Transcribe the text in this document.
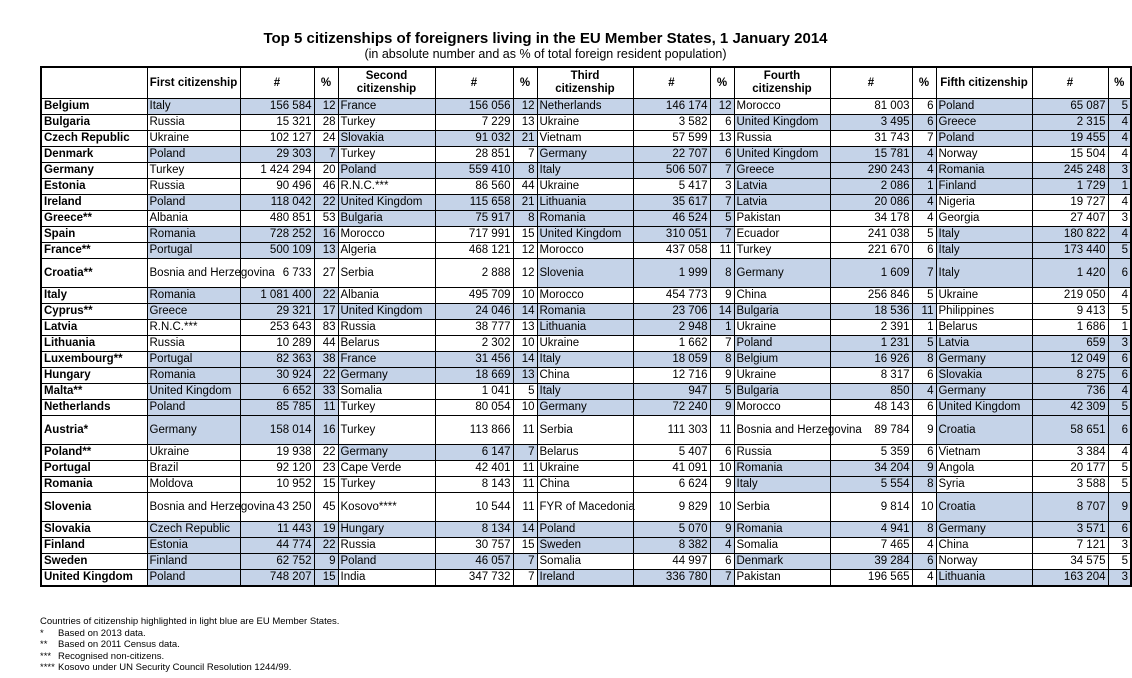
Top 5 citizenships of foreigners living in the EU Member States, 1 January 2014
(in absolute number and as % of total foreign resident population)
	First citizenship	#	%	Second citizenship	#	%	Third citizenship	#	%	Fourth citizenship	#	%	Fifth citizenship	#	%
Belgium	Italy	156 584	12	France	156 056	12	Netherlands	146 174	12	Morocco	81 003	6	Poland	65 087	5
Bulgaria	Russia	15 321	28	Turkey	7 229	13	Ukraine	3 582	6	United Kingdom	3 495	6	Greece	2 315	4
Czech Republic	Ukraine	102 127	24	Slovakia	91 032	21	Vietnam	57 599	13	Russia	31 743	7	Poland	19 455	4
Denmark	Poland	29 303	7	Turkey	28 851	7	Germany	22 707	6	United Kingdom	15 781	4	Norway	15 504	4
Germany	Turkey	1 424 294	20	Poland	559 410	8	Italy	506 507	7	Greece	290 243	4	Romania	245 248	3
Estonia	Russia	90 496	46	R.N.C.***	86 560	44	Ukraine	5 417	3	Latvia	2 086	1	Finland	1 729	1
Ireland	Poland	118 042	22	United Kingdom	115 658	21	Lithuania	35 617	7	Latvia	20 086	4	Nigeria	19 727	4
Greece**	Albania	480 851	53	Bulgaria	75 917	8	Romania	46 524	5	Pakistan	34 178	4	Georgia	27 407	3
Spain	Romania	728 252	16	Morocco	717 991	15	United Kingdom	310 051	7	Ecuador	241 038	5	Italy	180 822	4
France**	Portugal	500 109	13	Algeria	468 121	12	Morocco	437 058	11	Turkey	221 670	6	Italy	173 440	5
Croatia**	Bosnia and Herzegovina	6 733	27	Serbia	2 888	12	Slovenia	1 999	8	Germany	1 609	7	Italy	1 420	6
Italy	Romania	1 081 400	22	Albania	495 709	10	Morocco	454 773	9	China	256 846	5	Ukraine	219 050	4
Cyprus**	Greece	29 321	17	United Kingdom	24 046	14	Romania	23 706	14	Bulgaria	18 536	11	Philippines	9 413	5
Latvia	R.N.C.***	253 643	83	Russia	38 777	13	Lithuania	2 948	1	Ukraine	2 391	1	Belarus	1 686	1
Lithuania	Russia	10 289	44	Belarus	2 302	10	Ukraine	1 662	7	Poland	1 231	5	Latvia	659	3
Luxembourg**	Portugal	82 363	38	France	31 456	14	Italy	18 059	8	Belgium	16 926	8	Germany	12 049	6
Hungary	Romania	30 924	22	Germany	18 669	13	China	12 716	9	Ukraine	8 317	6	Slovakia	8 275	6
Malta**	United Kingdom	6 652	33	Somalia	1 041	5	Italy	947	5	Bulgaria	850	4	Germany	736	4
Netherlands	Poland	85 785	11	Turkey	80 054	10	Germany	72 240	9	Morocco	48 143	6	United Kingdom	42 309	5
Austria*	Germany	158 014	16	Turkey	113 866	11	Serbia	111 303	11	Bosnia and Herzegovina	89 784	9	Croatia	58 651	6
Poland**	Ukraine	19 938	22	Germany	6 147	7	Belarus	5 407	6	Russia	5 359	6	Vietnam	3 384	4
Portugal	Brazil	92 120	23	Cape Verde	42 401	11	Ukraine	41 091	10	Romania	34 204	9	Angola	20 177	5
Romania	Moldova	10 952	15	Turkey	8 143	11	China	6 624	9	Italy	5 554	8	Syria	3 588	5
Slovenia	Bosnia and Herzegovina	43 250	45	Kosovo****	10 544	11	FYR of Macedonia	9 829	10	Serbia	9 814	10	Croatia	8 707	9
Slovakia	Czech Republic	11 443	19	Hungary	8 134	14	Poland	5 070	9	Romania	4 941	8	Germany	3 571	6
Finland	Estonia	44 774	22	Russia	30 757	15	Sweden	8 382	4	Somalia	7 465	4	China	7 121	3
Sweden	Finland	62 752	9	Poland	46 057	7	Somalia	44 997	6	Denmark	39 284	6	Norway	34 575	5
United Kingdom	Poland	748 207	15	India	347 732	7	Ireland	336 780	7	Pakistan	196 565	4	Lithuania	163 204	3
Countries of citizenship highlighted in light blue are EU Member States.
* Based on 2013 data.
** Based on 2011 Census data.
*** Recognised non-citizens.
**** Kosovo under UN Security Council Resolution 1244/99.
